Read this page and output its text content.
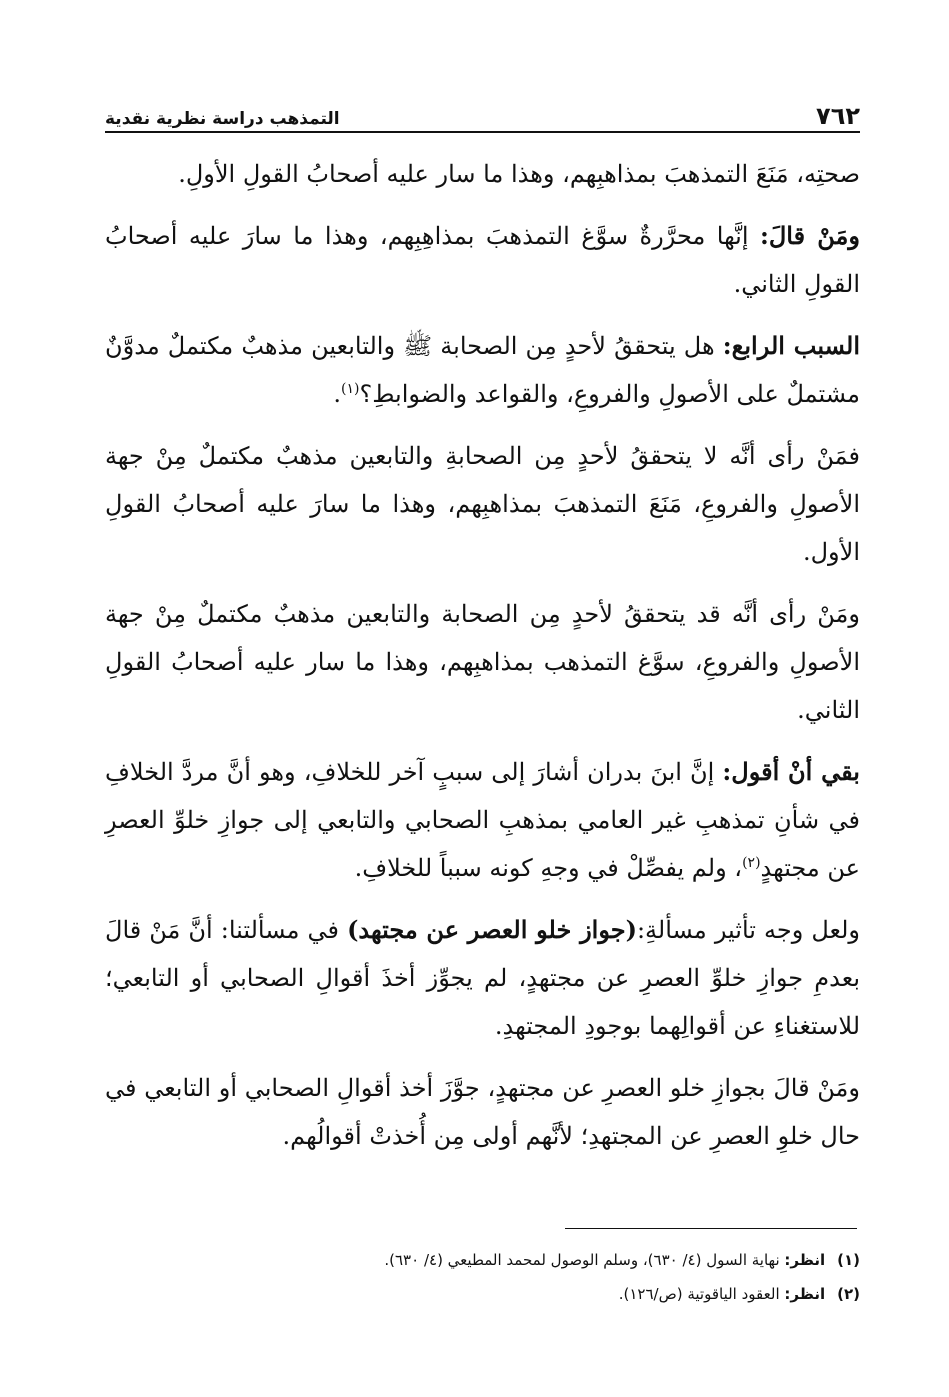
٧٦٢
التمذهب دراسة نظرية نقدية

صحتِه، مَنَعَ التمذهبَ بمذاهبِهم، وهذا ما سار عليه أصحابُ القولِ الأولِ.

ومَنْ قالَ: إنَّها محرَّرةٌ سوَّغ التمذهبَ بمذاهِبِهم، وهذا ما سارَ عليه أصحابُ القولِ الثاني.

السبب الرابع: هل يتحققُ لأحدٍ مِن الصحابة ﷺ والتابعين مذهبٌ مكتملٌ مدوَّنٌ مشتملٌ على الأصولِ والفروعِ، والقواعد والضوابطِ؟$^{(١)}$.

فمَنْ رأى أنَّه لا يتحققُ لأحدٍ مِن الصحابةِ والتابعين مذهبٌ مكتملٌ مِنْ جهة الأصولِ والفروعِ، مَنَعَ التمذهبَ بمذاهبِهم، وهذا ما سارَ عليه أصحابُ القولِ الأول.

ومَنْ رأى أنَّه قد يتحققُ لأحدٍ مِن الصحابة والتابعين مذهبٌ مكتملٌ مِنْ جهة الأصولِ والفروعِ، سوَّغ التمذهب بمذاهبِهم، وهذا ما سار عليه أصحابُ القولِ الثاني.

بقي أنْ أقول: إنَّ ابنَ بدران أشارَ إلى سببٍ آخر للخلافِ، وهو أنَّ مردَّ الخلافِ في شأنِ تمذهبِ غير العامي بمذهبِ الصحابي والتابعي إلى جوازِ خلوِّ العصرِ عن مجتهدٍ$^{(٢)}$، ولم يفصِّلْ في وجهِ كونه سبباً للخلافِ.

ولعل وجه تأثير مسألةِ:(جواز خلو العصر عن مجتهد) في مسألتنا: أنَّ مَنْ قالَ بعدمِ جوازِ خلوِّ العصرِ عن مجتهدٍ، لم يجوِّز أخذَ أقوالِ الصحابي أو التابعي؛ للاستغناءِ عن أقوالِهما بوجودِ المجتهدِ.

ومَنْ قالَ بجوازِ خلو العصرِ عن مجتهدٍ، جوَّزَ أخذ أقوالِ الصحابي أو التابعي في حال خلوِ العصرِ عن المجتهدِ؛ لأنَّهم أولى مِن أُخذتْ أقوالُهم.

(١)
انظر: نهاية السول (٤/ ٦٣٠)، وسلم الوصول لمحمد المطيعي (٤/ ٦٣٠).
(٢)
انظر: العقود الياقوتية (ص/١٢٦).
